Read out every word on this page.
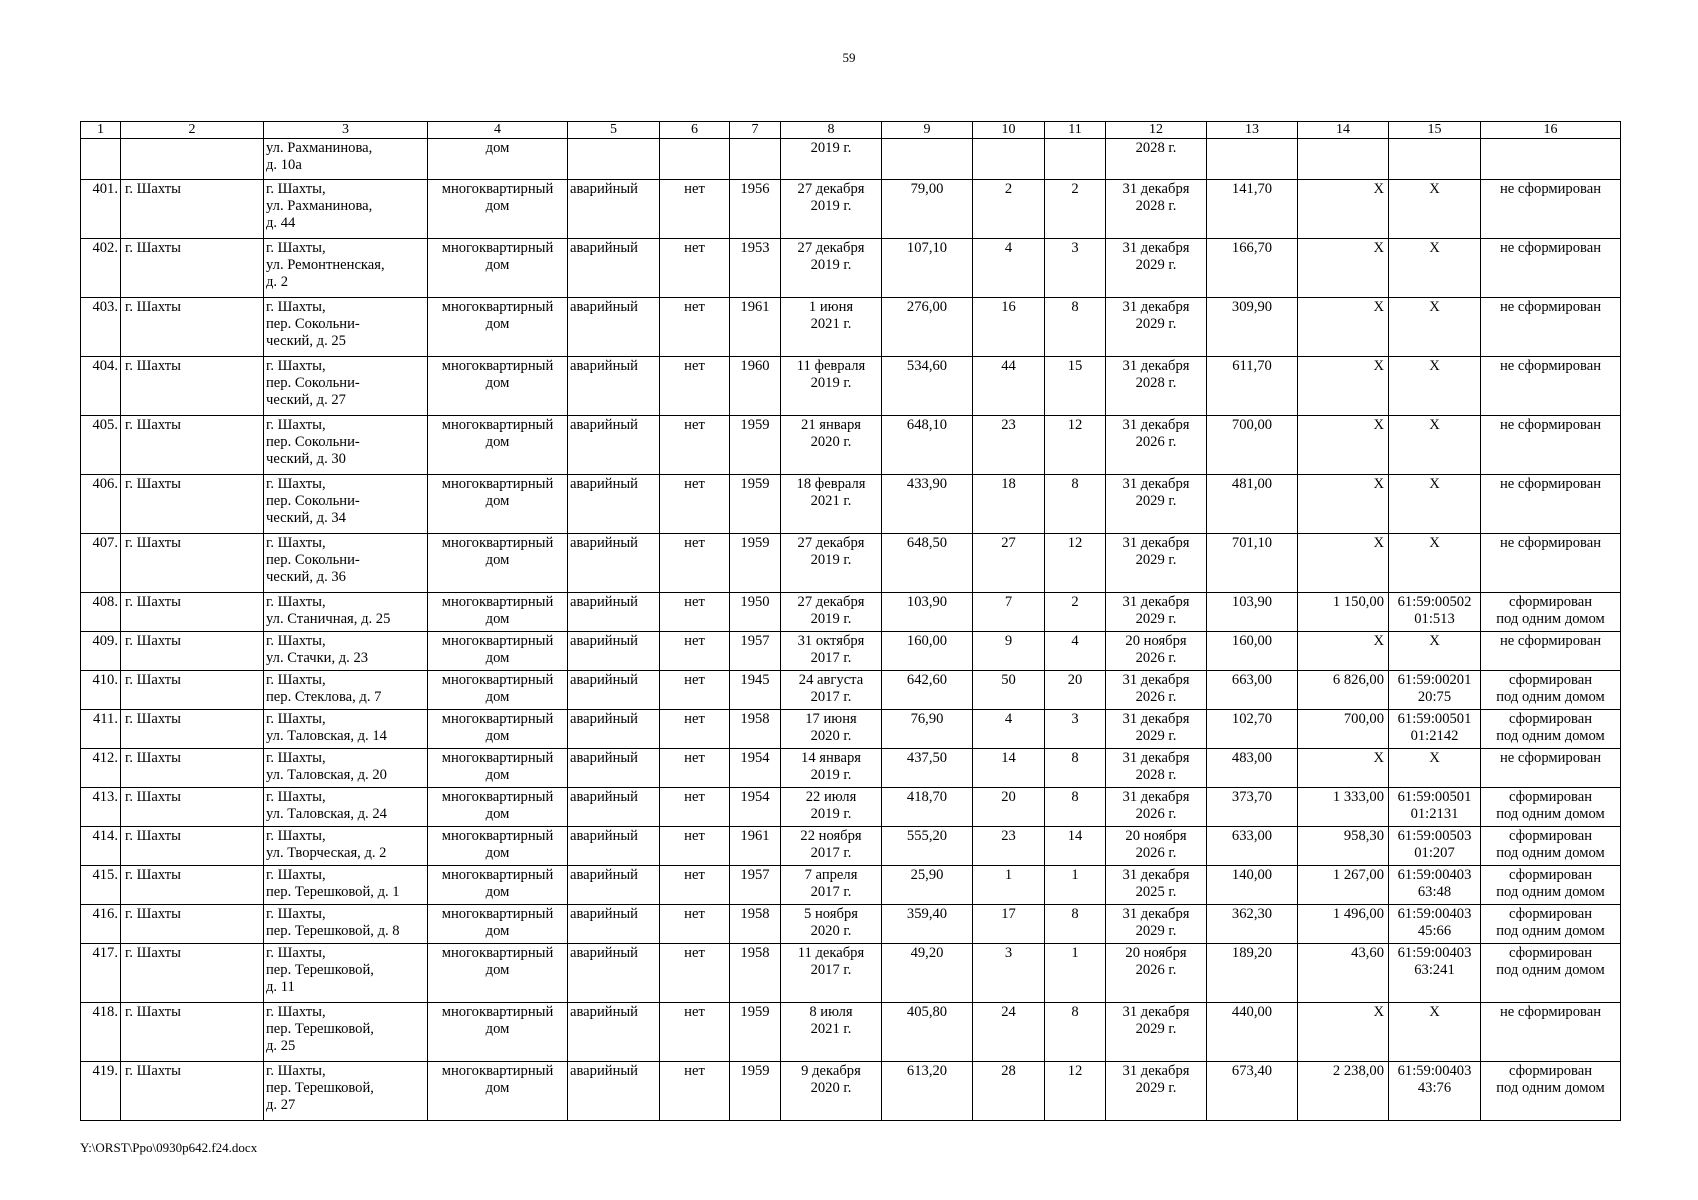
59
1	2	3	4	5	6	7	8	9	10	11	12	13	14	15	16
		ул. Рахманинова,
д. 10а	дом				2019 г.				2028 г.				
401.	г. Шахты	г. Шахты,
ул. Рахманинова,
д. 44	многоквартирный
дом	аварийный	нет	1956	27 декабря
2019 г.	79,00	2	2	31 декабря
2028 г.	141,70	Х	Х	не сформирован
402.	г. Шахты	г. Шахты,
ул. Ремонтненская,
д. 2	многоквартирный
дом	аварийный	нет	1953	27 декабря
2019 г.	107,10	4	3	31 декабря
2029 г.	166,70	Х	Х	не сформирован
403.	г. Шахты	г. Шахты,
пер. Сокольни-
ческий, д. 25	многоквартирный
дом	аварийный	нет	1961	1 июня
2021 г.	276,00	16	8	31 декабря
2029 г.	309,90	Х	Х	не сформирован
404.	г. Шахты	г. Шахты,
пер. Сокольни-
ческий, д. 27	многоквартирный
дом	аварийный	нет	1960	11 февраля
2019 г.	534,60	44	15	31 декабря
2028 г.	611,70	Х	Х	не сформирован
405.	г. Шахты	г. Шахты,
пер. Сокольни-
ческий, д. 30	многоквартирный
дом	аварийный	нет	1959	21 января
2020 г.	648,10	23	12	31 декабря
2026 г.	700,00	Х	Х	не сформирован
406.	г. Шахты	г. Шахты,
пер. Сокольни-
ческий, д. 34	многоквартирный
дом	аварийный	нет	1959	18 февраля
2021 г.	433,90	18	8	31 декабря
2029 г.	481,00	Х	Х	не сформирован
407.	г. Шахты	г. Шахты,
пер. Сокольни-
ческий, д. 36	многоквартирный
дом	аварийный	нет	1959	27 декабря
2019 г.	648,50	27	12	31 декабря
2029 г.	701,10	Х	Х	не сформирован
408.	г. Шахты	г. Шахты,
ул. Станичная, д. 25	многоквартирный
дом	аварийный	нет	1950	27 декабря
2019 г.	103,90	7	2	31 декабря
2029 г.	103,90	1 150,00	61:59:00502
01:513	сформирован
под одним домом
409.	г. Шахты	г. Шахты,
ул. Стачки, д. 23	многоквартирный
дом	аварийный	нет	1957	31 октября
2017 г.	160,00	9	4	20 ноября
2026 г.	160,00	Х	Х	не сформирован
410.	г. Шахты	г. Шахты,
пер. Стеклова, д. 7	многоквартирный
дом	аварийный	нет	1945	24 августа
2017 г.	642,60	50	20	31 декабря
2026 г.	663,00	6 826,00	61:59:00201
20:75	сформирован
под одним домом
411.	г. Шахты	г. Шахты,
ул. Таловская, д. 14	многоквартирный
дом	аварийный	нет	1958	17 июня
2020 г.	76,90	4	3	31 декабря
2029 г.	102,70	700,00	61:59:00501
01:2142	сформирован
под одним домом
412.	г. Шахты	г. Шахты,
ул. Таловская, д. 20	многоквартирный
дом	аварийный	нет	1954	14 января
2019 г.	437,50	14	8	31 декабря
2028 г.	483,00	Х	Х	не сформирован
413.	г. Шахты	г. Шахты,
ул. Таловская, д. 24	многоквартирный
дом	аварийный	нет	1954	22 июля
2019 г.	418,70	20	8	31 декабря
2026 г.	373,70	1 333,00	61:59:00501
01:2131	сформирован
под одним домом
414.	г. Шахты	г. Шахты,
ул. Творческая, д. 2	многоквартирный
дом	аварийный	нет	1961	22 ноября
2017 г.	555,20	23	14	20 ноября
2026 г.	633,00	958,30	61:59:00503
01:207	сформирован
под одним домом
415.	г. Шахты	г. Шахты,
пер. Терешковой, д. 1	многоквартирный
дом	аварийный	нет	1957	7 апреля
2017 г.	25,90	1	1	31 декабря
2025 г.	140,00	1 267,00	61:59:00403
63:48	сформирован
под одним домом
416.	г. Шахты	г. Шахты,
пер. Терешковой, д. 8	многоквартирный
дом	аварийный	нет	1958	5 ноября
2020 г.	359,40	17	8	31 декабря
2029 г.	362,30	1 496,00	61:59:00403
45:66	сформирован
под одним домом
417.	г. Шахты	г. Шахты,
пер. Терешковой,
д. 11	многоквартирный
дом	аварийный	нет	1958	11 декабря
2017 г.	49,20	3	1	20 ноября
2026 г.	189,20	43,60	61:59:00403
63:241	сформирован
под одним домом
418.	г. Шахты	г. Шахты,
пер. Терешковой,
д. 25	многоквартирный
дом	аварийный	нет	1959	8 июля
2021 г.	405,80	24	8	31 декабря
2029 г.	440,00	Х	Х	не сформирован
419.	г. Шахты	г. Шахты,
пер. Терешковой,
д. 27	многоквартирный
дом	аварийный	нет	1959	9 декабря
2020 г.	613,20	28	12	31 декабря
2029 г.	673,40	2 238,00	61:59:00403
43:76	сформирован
под одним домом
Y:\ORST\Ppo\0930p642.f24.docx
